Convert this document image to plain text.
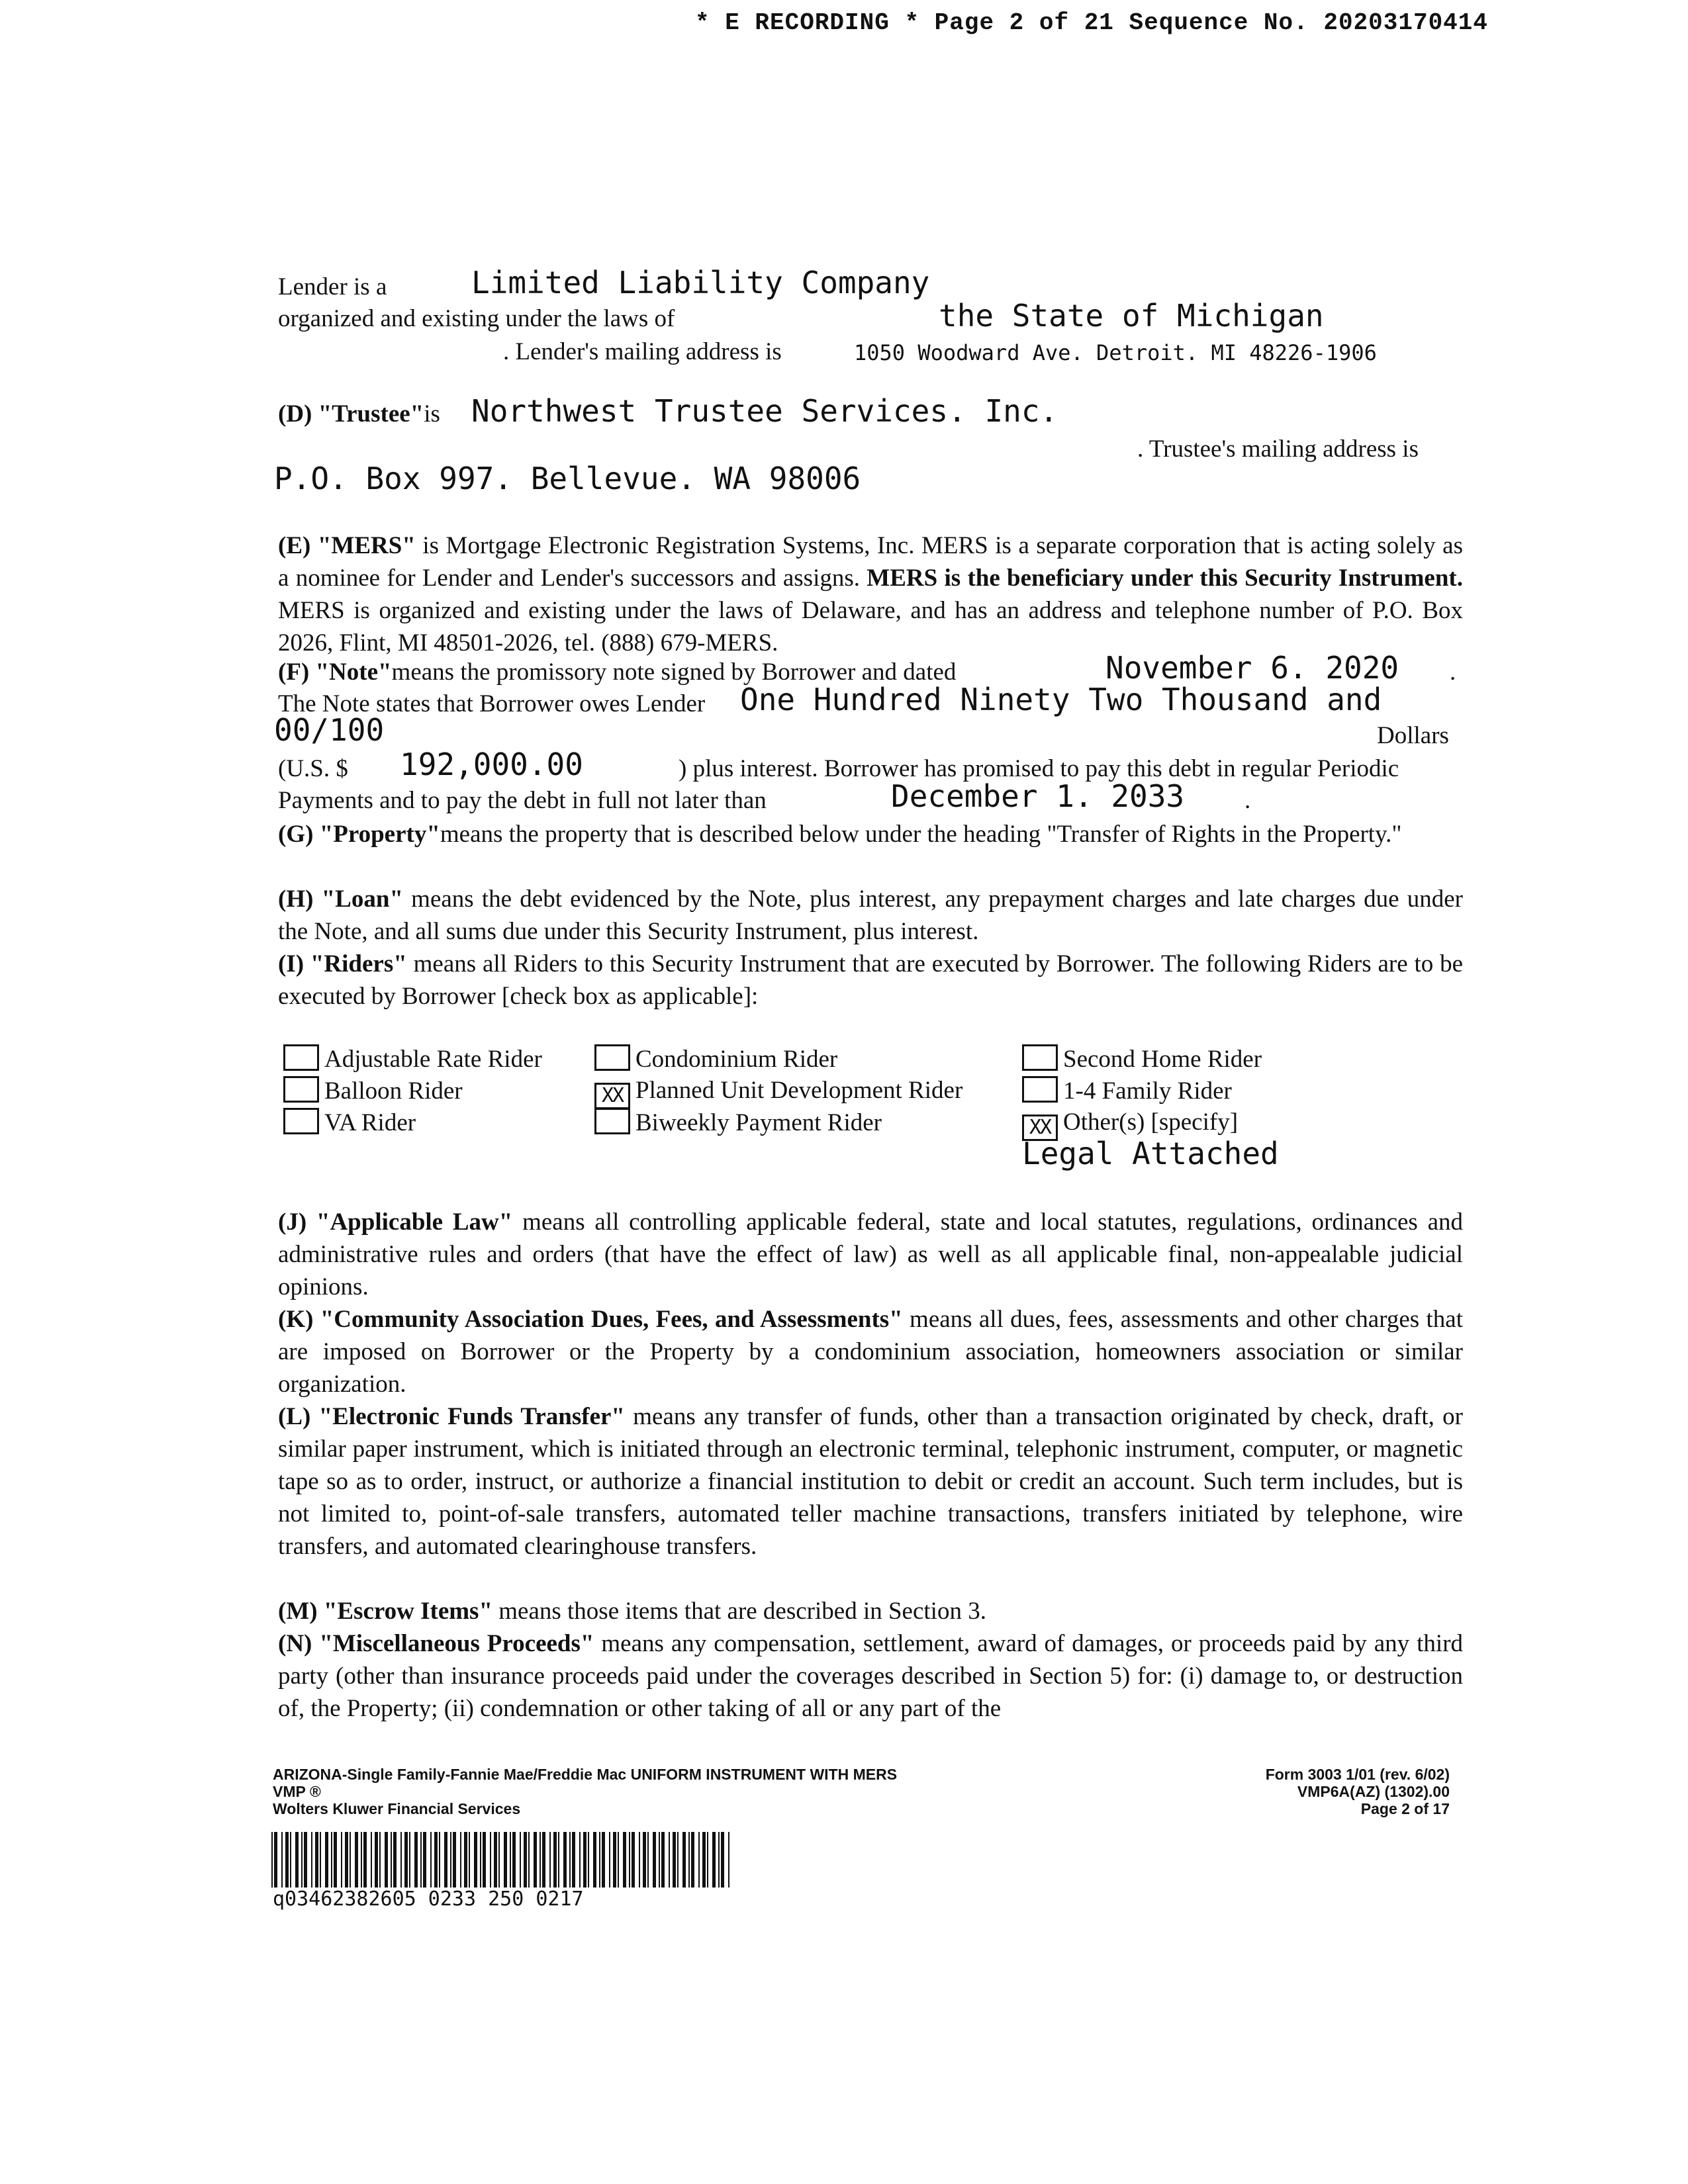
* E RECORDING * Page 2 of 21 Sequence No. 20203170414
Lender is a	Limited Liability Company
organized and existing under the laws of	the State of Michigan
. Lender's mailing address is	1050 Woodward Ave. Detroit. MI 48226-1906
(D) "Trustee"is Northwest Trustee Services. Inc.
. Trustee's mailing address is
P.O. Box 997. Bellevue. WA 98006
(E) "MERS" is Mortgage Electronic Registration Systems, Inc. MERS is a separate corporation that is acting solely as a nominee for Lender and Lender's successors and assigns. MERS is the beneficiary under this Security Instrument. MERS is organized and existing under the laws of Delaware, and has an address and telephone number of P.O. Box 2026, Flint, MI 48501-2026, tel. (888) 679-MERS.
(F) "Note"means the promissory note signed by Borrower and dated	November 6. 2020 .
The Note states that Borrower owes Lender One Hundred Ninety Two Thousand and
00/100	Dollars
(U.S. $ 192,000.00	) plus interest. Borrower has promised to pay this debt in regular Periodic
Payments and to pay the debt in full not later than	December 1. 2033 .
(G) "Property"means the property that is described below under the heading "Transfer of Rights in the Property."
(H) "Loan" means the debt evidenced by the Note, plus interest, any prepayment charges and late charges due under the Note, and all sums due under this Security Instrument, plus interest.
(I) "Riders" means all Riders to this Security Instrument that are executed by Borrower. The following Riders are to be executed by Borrower [check box as applicable]:
Adjustable Rate Rider	Condominium Rider	Second Home Rider
Balloon Rider	XX Planned Unit Development Rider	1-4 Family Rider
VA Rider	Biweekly Payment Rider	XX Other(s) [specify]
Legal Attached
(J) "Applicable Law" means all controlling applicable federal, state and local statutes, regulations, ordinances and administrative rules and orders (that have the effect of law) as well as all applicable final, non-appealable judicial opinions.
(K) "Community Association Dues, Fees, and Assessments" means all dues, fees, assessments and other charges that are imposed on Borrower or the Property by a condominium association, homeowners association or similar organization.
(L) "Electronic Funds Transfer" means any transfer of funds, other than a transaction originated by check, draft, or similar paper instrument, which is initiated through an electronic terminal, telephonic instrument, computer, or magnetic tape so as to order, instruct, or authorize a financial institution to debit or credit an account. Such term includes, but is not limited to, point-of-sale transfers, automated teller machine transactions, transfers initiated by telephone, wire transfers, and automated clearinghouse transfers.
(M) "Escrow Items" means those items that are described in Section 3.
(N) "Miscellaneous Proceeds" means any compensation, settlement, award of damages, or proceeds paid by any third party (other than insurance proceeds paid under the coverages described in Section 5) for: (i) damage to, or destruction of, the Property; (ii) condemnation or other taking of all or any part of the
ARIZONA-Single Family-Fannie Mae/Freddie Mac UNIFORM INSTRUMENT WITH MERS
VMP ®
Wolters Kluwer Financial Services
Form 3003 1/01 (rev. 6/02)
VMP6A(AZ) (1302).00
Page 2 of 17
q03462382605 0233 250 0217
